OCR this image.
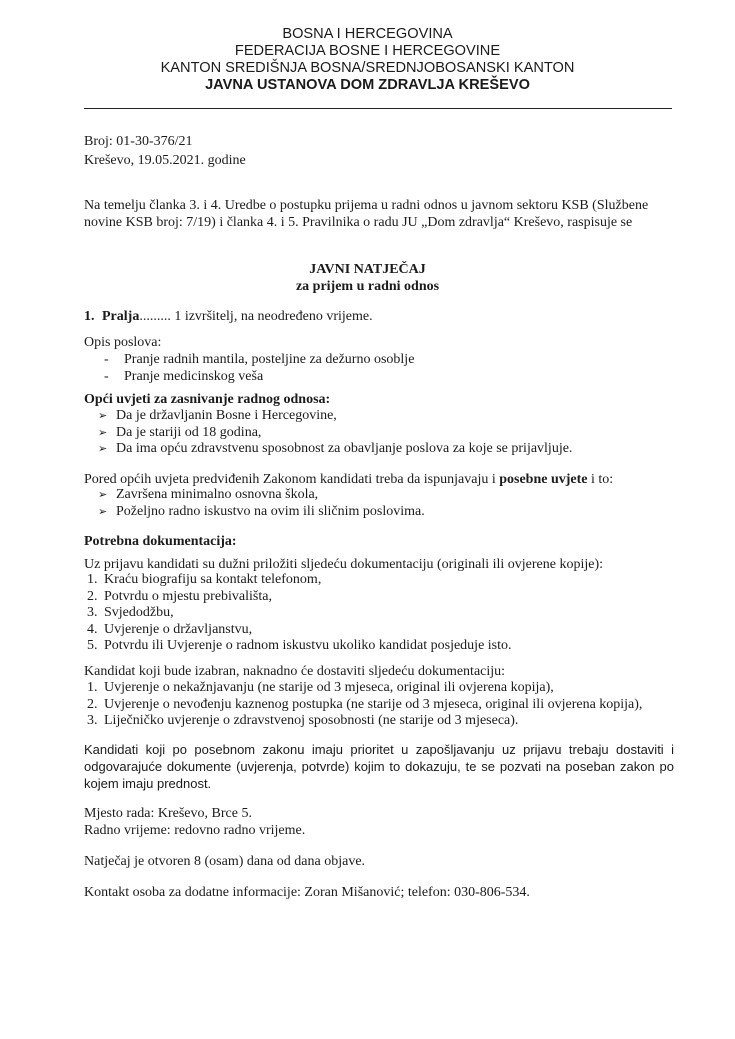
BOSNA I HERCEGOVINA
FEDERACIJA BOSNE I HERCEGOVINE
KANTON SREDIŠNJA BOSNA/SREDNJOBOSANSKI KANTON
JAVNA USTANOVA DOM ZDRAVLJA KREŠEVO
Broj: 01-30-376/21
Kreševo, 19.05.2021. godine
Na temelju članka 3. i 4. Uredbe o postupku prijema u radni odnos u javnom sektoru KSB (Službene novine KSB broj: 7/19) i članka 4. i 5. Pravilnika o radu JU „Dom zdravlja“ Kreševo, raspisuje se
JAVNI NATJEČAJ
za prijem u radni odnos
1. Pralja......... 1 izvršitelj, na neodređeno vrijeme.
Opis poslova:
- Pranje radnih mantila, posteljine za dežurno osoblje
- Pranje medicinskog veša
Opći uvjeti za zasnivanje radnog odnosa:
➢ Da je državljanin Bosne i Hercegovine,
➢ Da je stariji od 18 godina,
➢ Da ima opću zdravstvenu sposobnost za obavljanje poslova za koje se prijavljuje.
Pored općih uvjeta predviđenih Zakonom kandidati treba da ispunjavaju i posebne uvjete i to:
➢ Završena minimalno osnovna škola,
➢ Poželjno radno iskustvo na ovim ili sličnim poslovima.
Potrebna dokumentacija:
Uz prijavu kandidati su dužni priložiti sljedeću dokumentaciju (originali ili ovjerene kopije):
1. Kraću biografiju sa kontakt telefonom,
2. Potvrdu o mjestu prebivališta,
3. Svjedodžbu,
4. Uvjerenje o državljanstvu,
5. Potvrdu ili Uvjerenje o radnom iskustvu ukoliko kandidat posjeduje isto.
Kandidat koji bude izabran, naknadno će dostaviti sljedeću dokumentaciju:
1. Uvjerenje o nekažnjavanju (ne starije od 3 mjeseca, original ili ovjerena kopija),
2. Uvjerenje o nevođenju kaznenog postupka (ne starije od 3 mjeseca, original ili ovjerena kopija),
3. Liječničko uvjerenje o zdravstvenoj sposobnosti (ne starije od 3 mjeseca).
Kandidati koji po posebnom zakonu imaju prioritet u zapošljavanju uz prijavu trebaju dostaviti i odgovarajuće dokumente (uvjerenja, potvrde) kojim to dokazuju, te se pozvati na poseban zakon po kojem imaju prednost.
Mjesto rada: Kreševo, Brce 5.
Radno vrijeme: redovno radno vrijeme.
Natječaj je otvoren 8 (osam) dana od dana objave.
Kontakt osoba za dodatne informacije: Zoran Mišanović; telefon: 030-806-534.
